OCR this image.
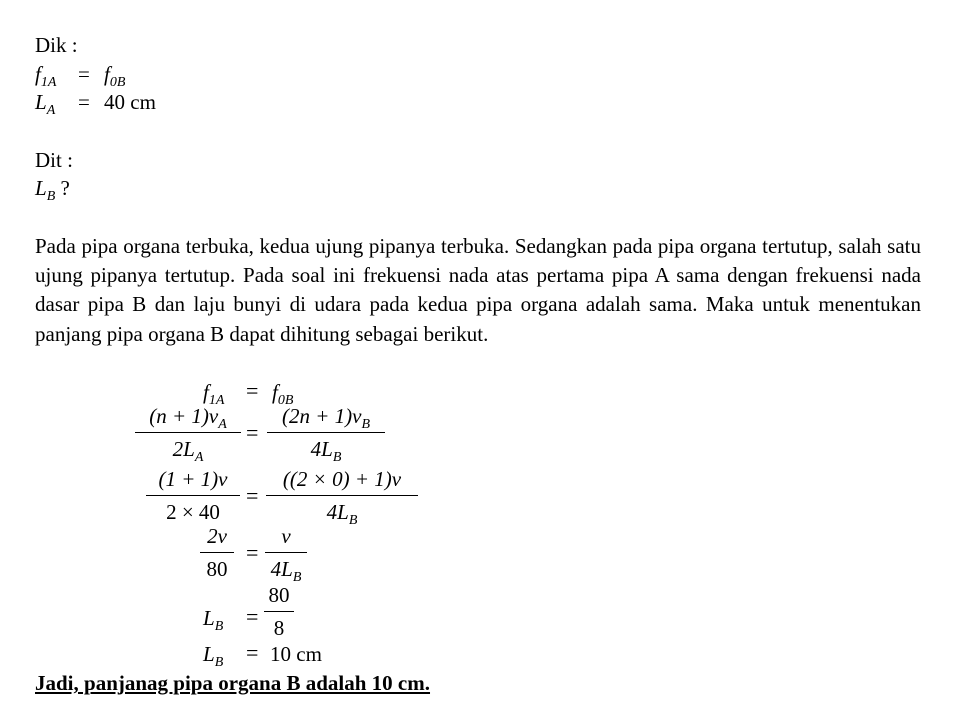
Dik :
$f_{1A} = f_{0B}$
$L_A = 40$ cm
Dit :
$L_B$ ?
Pada pipa organa terbuka, kedua ujung pipanya terbuka. Sedangkan pada pipa organa tertutup, salah satu ujung pipanya tertutup. Pada soal ini frekuensi nada atas pertama pipa A sama dengan frekuensi nada dasar pipa B dan laju bunyi di udara pada kedua pipa organa adalah sama. Maka untuk menentukan panjang pipa organa B dapat dihitung sebagai berikut.
$f_{1A} = f_{0B}$
$(n + 1)v_A$
$2L_A$
=
$(2n + 1)v_B$
$4L_B$
(1 + 1)v
2 × 40
=
((2 × 0) + 1)v
$4L_B$
2v
80
=
v
$4L_B$
$L_B$ =
80
8
$L_B = 10$ cm
Jadi, panjanag pipa organa B adalah 10 cm.
